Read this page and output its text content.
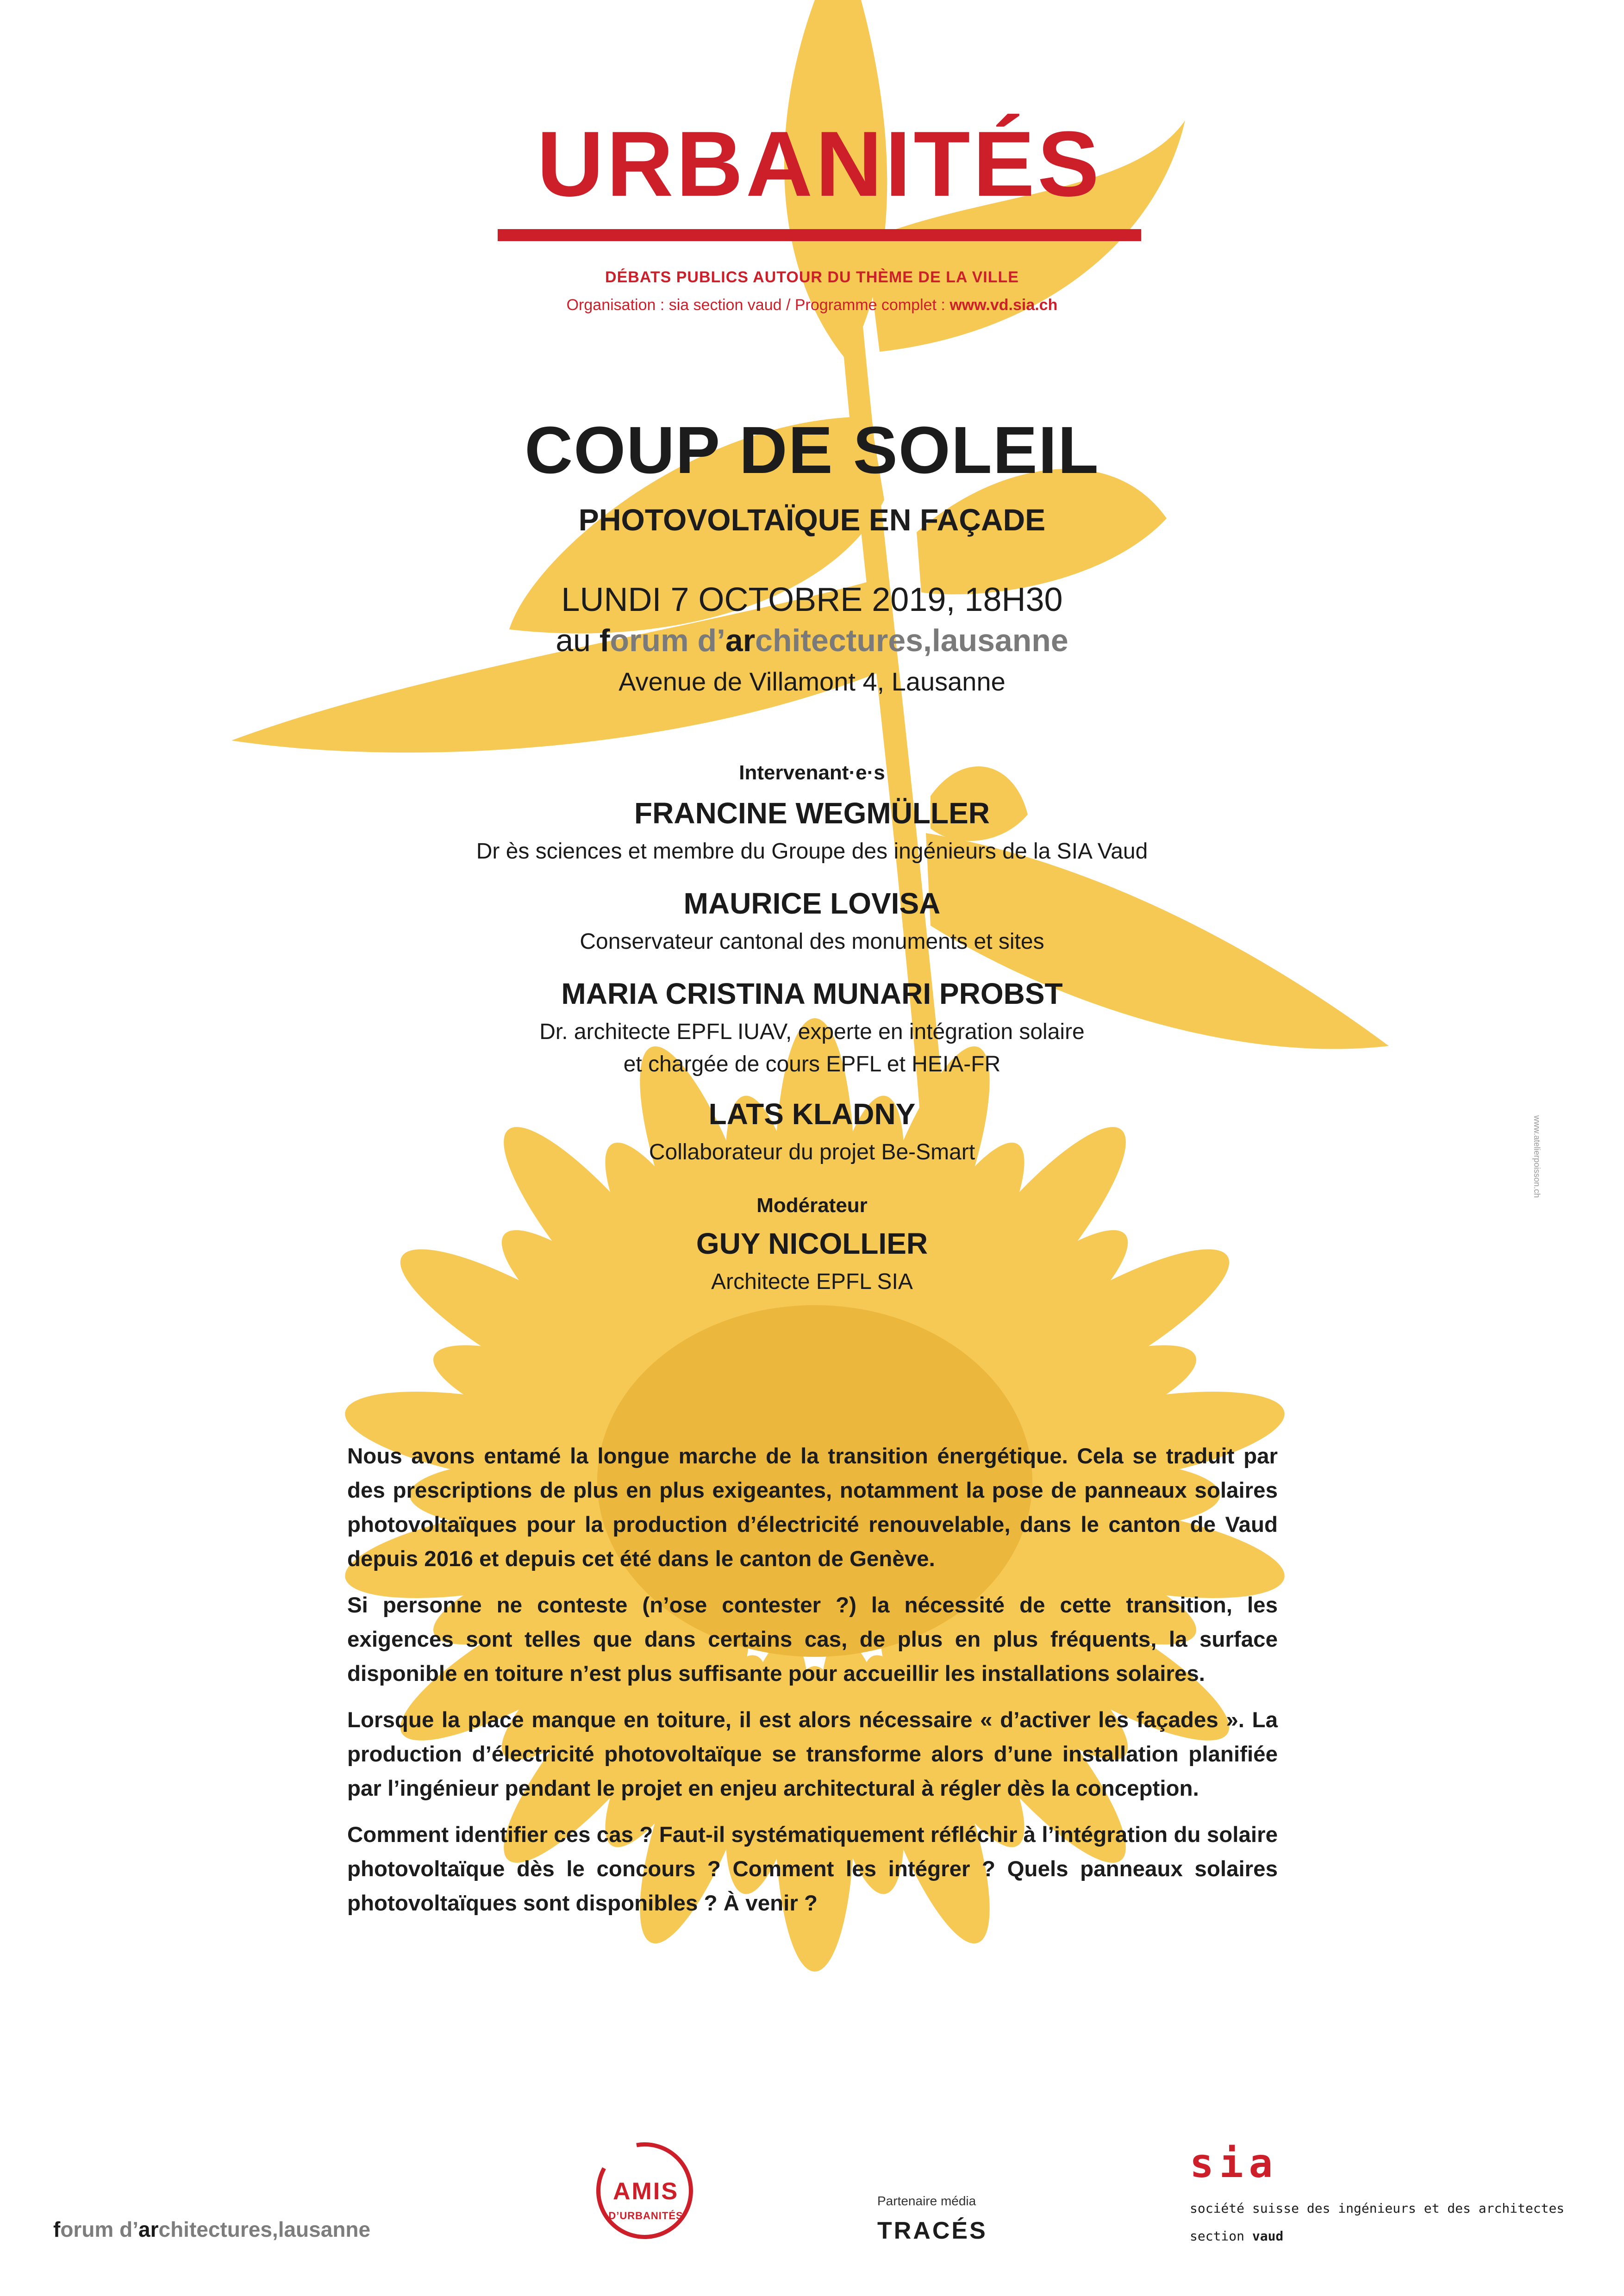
URBANITÉS
DÉBATS PUBLICS AUTOUR DU THÈME DE LA VILLE
Organisation : sia section vaud / Programme complet : www.vd.sia.ch
COUP DE SOLEIL
PHOTOVOLTAÏQUE EN FAÇADE
LUNDI 7 OCTOBRE 2019, 18H30
au forum d’architectures,lausanne
Avenue de Villamont 4, Lausanne
Intervenant·e·s
FRANCINE WEGMÜLLER
Dr ès sciences et membre du Groupe des ingénieurs de la SIA Vaud
MAURICE LOVISA
Conservateur cantonal des monuments et sites
MARIA CRISTINA MUNARI PROBST
Dr. architecte EPFL IUAV, experte en intégration solaire
et chargée de cours EPFL et HEIA-FR
LATS KLADNY
Collaborateur du projet Be-Smart
Modérateur
GUY NICOLLIER
Architecte EPFL SIA

Nous avons entamé la longue marche de la transition énergétique. Cela se traduit par des prescriptions de plus en plus exigeantes, notamment la pose de panneaux solaires photovoltaïques pour la production d’électricité renouvelable, dans le canton de Vaud depuis 2016 et depuis cet été dans le canton de Genève.

Si personne ne conteste (n’ose contester ?) la nécessité de cette transition, les exigences sont telles que dans certains cas, de plus en plus fréquents, la surface disponible en toiture n’est plus suffisante pour accueillir les installations solaires.

Lorsque la place manque en toiture, il est alors nécessaire « d’activer les façades ». La production d’électricité photovoltaïque se transforme alors d’une installation planifiée par l’ingénieur pendant le projet en enjeu architectural à régler dès la conception.

Comment identifier ces cas ? Faut-il systématiquement réfléchir à l’intégration du solaire photovoltaïque dès le concours ? Comment les intégrer ? Quels panneaux solaires photovoltaïques sont disponibles ? À venir ?

forum d’architectures,lausanne
AMIS
D’URBANITÉS
Partenaire média
TRACÉS
sia
société suisse des ingénieurs et des architectes
section vaud
www.atelierpoisson.ch
